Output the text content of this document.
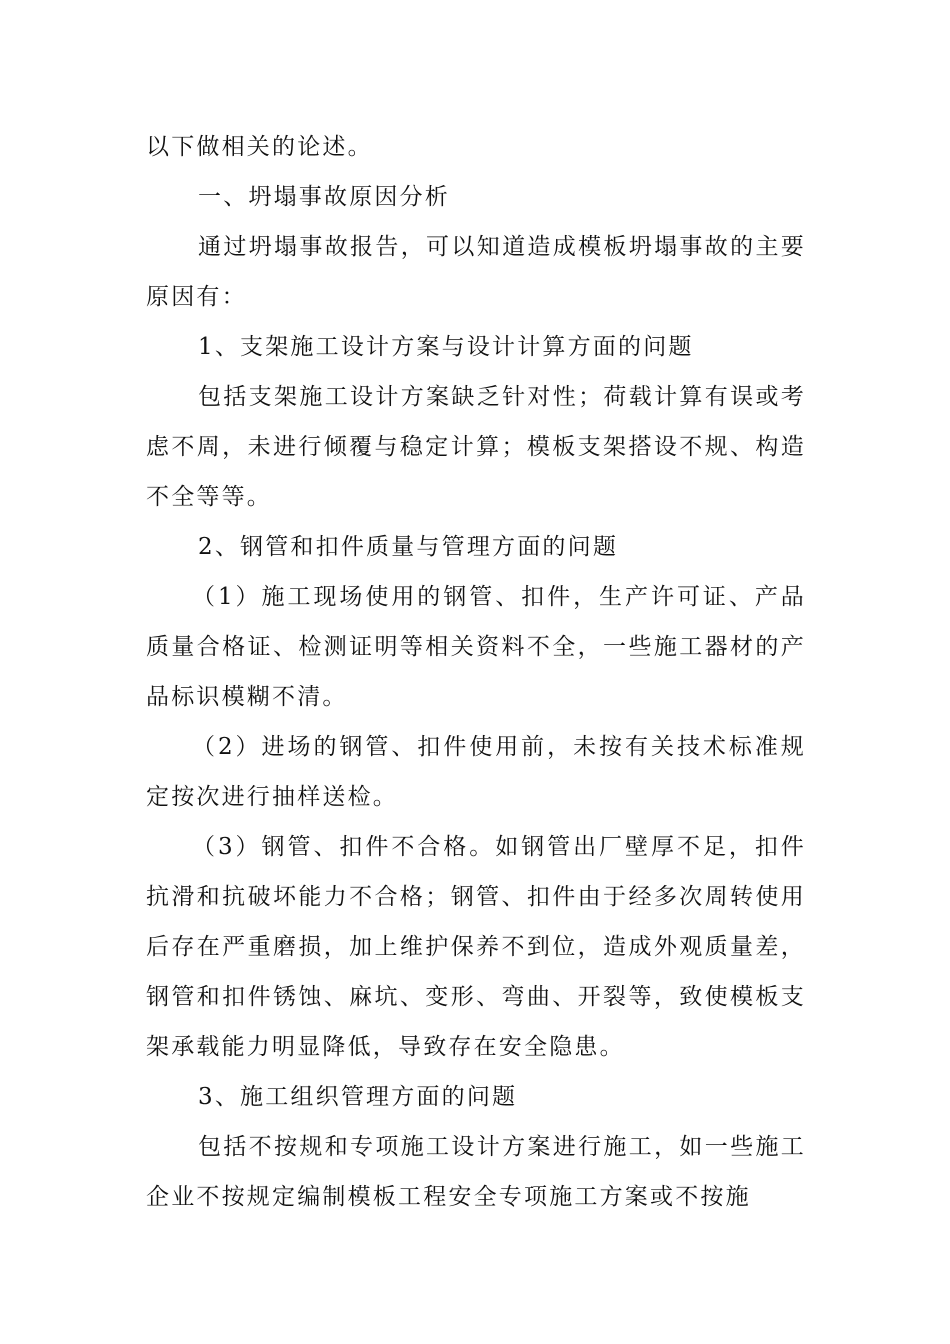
以下做相关的论述。

一、坍塌事故原因分析

通过坍塌事故报告，可以知道造成模板坍塌事故的主要原因有：

1、支架施工设计方案与设计计算方面的问题

包括支架施工设计方案缺乏针对性；荷载计算有误或考虑不周，未进行倾覆与稳定计算；模板支架搭设不规、构造不全等等。

2、钢管和扣件质量与管理方面的问题

（1）施工现场使用的钢管、扣件，生产许可证、产品质量合格证、检测证明等相关资料不全，一些施工器材的产品标识模糊不清。

（2）进场的钢管、扣件使用前，未按有关技术标准规定按次进行抽样送检。

（3）钢管、扣件不合格。如钢管出厂壁厚不足，扣件抗滑和抗破坏能力不合格；钢管、扣件由于经多次周转使用后存在严重磨损，加上维护保养不到位，造成外观质量差，钢管和扣件锈蚀、麻坑、变形、弯曲、开裂等，致使模板支架承载能力明显降低，导致存在安全隐患。

3、施工组织管理方面的问题

包括不按规和专项施工设计方案进行施工，如一些施工企业不按规定编制模板工程安全专项施工方案或不按施
